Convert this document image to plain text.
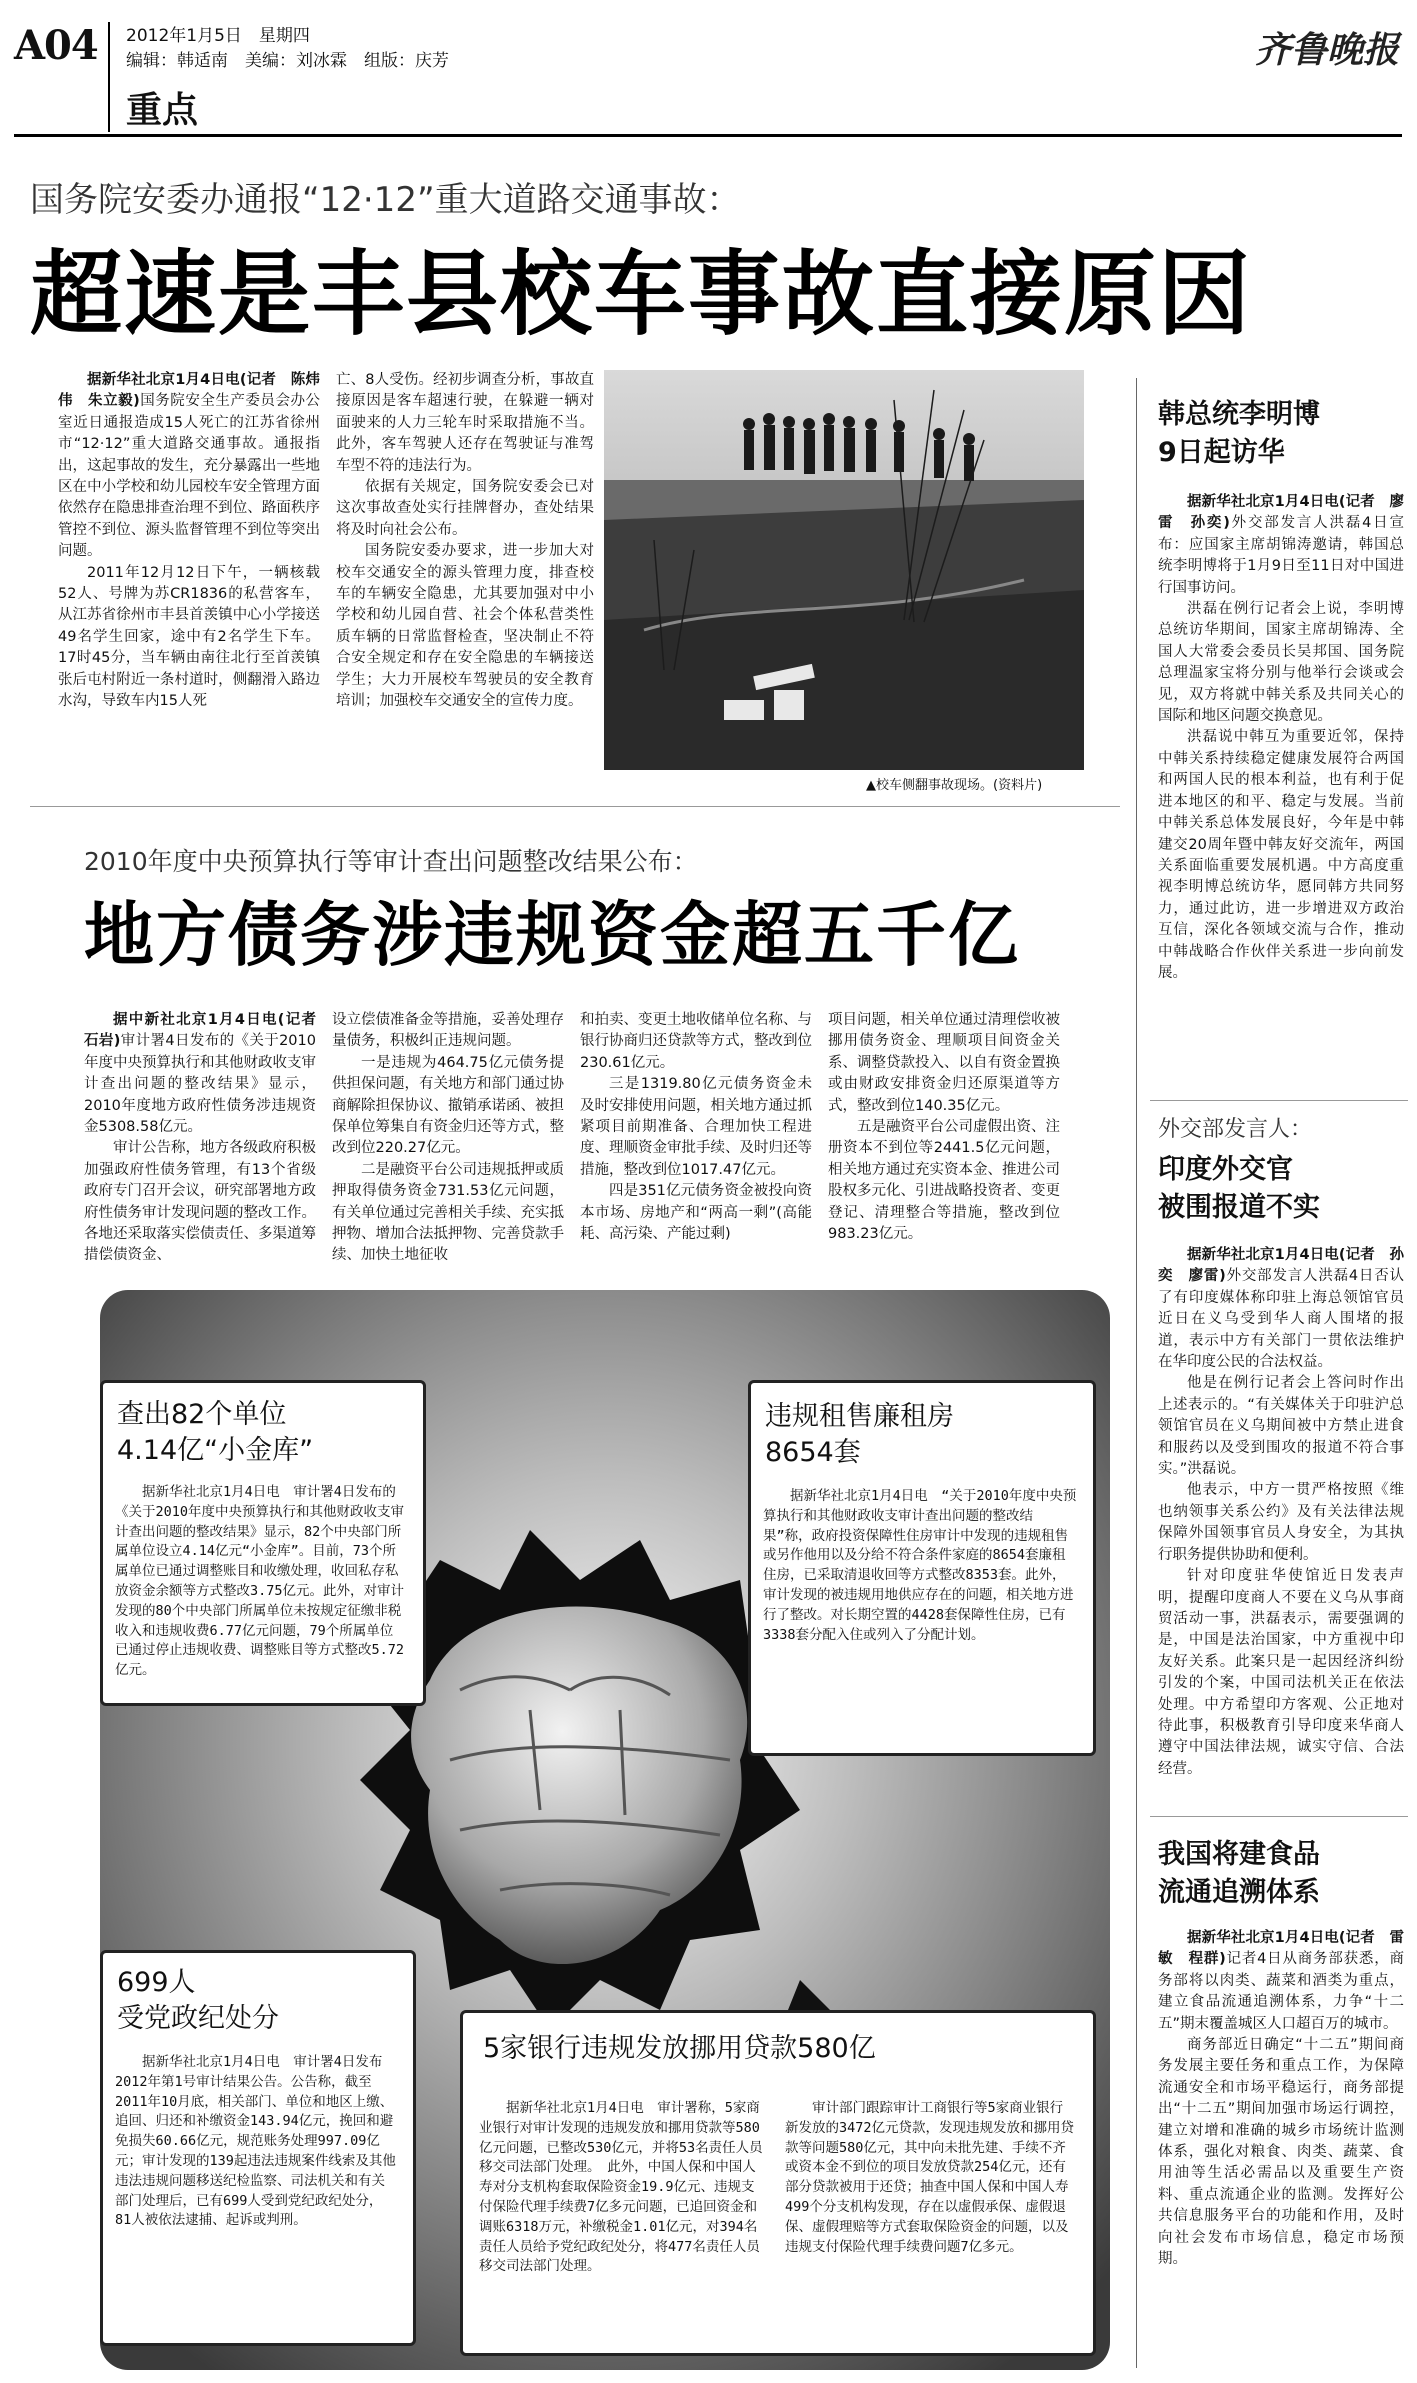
A04 2012年1月5日　星期四
编辑：韩适南　美编：刘冰霖　组版：庆芳
重点
齐鲁晚报
国务院安委办通报“12·12”重大道路交通事故：
超速是丰县校车事故直接原因

据新华社北京1月4日电(记者　陈炜伟　朱立毅)国务院安全生产委员会办公室近日通报造成15人死亡的江苏省徐州市“12·12”重大道路交通事故。通报指出，这起事故的发生，充分暴露出一些地区在中小学校和幼儿园校车安全管理方面依然存在隐患排查治理不到位、路面秩序管控不到位、源头监督管理不到位等突出问题。

2011年12月12日下午，一辆核载52人、号牌为苏CR1836的私营客车，从江苏省徐州市丰县首羡镇中心小学接送49名学生回家，途中有2名学生下车。17时45分，当车辆由南往北行至首羡镇张后屯村附近一条村道时，侧翻滑入路边水沟，导致车内15人死

亡、8人受伤。经初步调查分析，事故直接原因是客车超速行驶，在躲避一辆对面驶来的人力三轮车时采取措施不当。此外，客车驾驶人还存在驾驶证与准驾车型不符的违法行为。

依据有关规定，国务院安委会已对这次事故查处实行挂牌督办，查处结果将及时向社会公布。

国务院安委办要求，进一步加大对校车交通安全的源头管理力度，排查校车的车辆安全隐患，尤其要加强对中小学校和幼儿园自营、社会个体私营类性质车辆的日常监督检查，坚决制止不符合安全规定和存在安全隐患的车辆接送学生；大力开展校车驾驶员的安全教育培训；加强校车交通安全的宣传力度。

▲校车侧翻事故现场。(资料片)
2010年度中央预算执行等审计查出问题整改结果公布：
地方债务涉违规资金超五千亿

据中新社北京1月4日电(记者　石岩)审计署4日发布的《关于2010年度中央预算执行和其他财政收支审计查出问题的整改结果》显示，2010年度地方政府性债务涉违规资金5308.58亿元。

审计公告称，地方各级政府积极加强政府性债务管理，有13个省级政府专门召开会议，研究部署地方政府性债务审计发现问题的整改工作。各地还采取落实偿债责任、多渠道筹措偿债资金、

设立偿债准备金等措施，妥善处理存量债务，积极纠正违规问题。

一是违规为464.75亿元债务提供担保问题，有关地方和部门通过协商解除担保协议、撤销承诺函、被担保单位筹集自有资金归还等方式，整改到位220.27亿元。

二是融资平台公司违规抵押或质押取得债务资金731.53亿元问题，有关单位通过完善相关手续、充实抵押物、增加合法抵押物、完善贷款手续、加快土地征收

和拍卖、变更土地收储单位名称、与银行协商归还贷款等方式，整改到位230.61亿元。

三是1319.80亿元债务资金未及时安排使用问题，相关地方通过抓紧项目前期准备、合理加快工程进度、理顺资金审批手续、及时归还等措施，整改到位1017.47亿元。

四是351亿元债务资金被投向资本市场、房地产和“两高一剩”(高能耗、高污染、产能过剩)

项目问题，相关单位通过清理偿收被挪用债务资金、理顺项目间资金关系、调整贷款投入、以自有资金置换或由财政安排资金归还原渠道等方式，整改到位140.35亿元。

五是融资平台公司虚假出资、注册资本不到位等2441.5亿元问题，相关地方通过充实资本金、推进公司股权多元化、引进战略投资者、变更登记、清理整合等措施，整改到位983.23亿元。

查出82个单位
4.14亿“小金库”

据新华社北京1月4日电　审计署4日发布的《关于2010年度中央预算执行和其他财政收支审计查出问题的整改结果》显示，82个中央部门所属单位设立4.14亿元“小金库”。目前，73个所属单位已通过调整账目和收缴处理，收回私存私放资金余额等方式整改3.75亿元。此外，对审计发现的80个中央部门所属单位未按规定征缴非税收入和违规收费6.77亿元问题，79个所属单位已通过停止违规收费、调整账目等方式整改5.72亿元。

违规租售廉租房
8654套

据新华社北京1月4日电　“关于2010年度中央预算执行和其他财政收支审计查出问题的整改结果”称，政府投资保障性住房审计中发现的违规租售或另作他用以及分给不符合条件家庭的8654套廉租住房，已采取清退收回等方式整改8353套。此外，审计发现的被违规用地供应存在的问题，相关地方进行了整改。对长期空置的4428套保障性住房，已有3338套分配入住或列入了分配计划。

699人
受党政纪处分

据新华社北京1月4日电　审计署4日发布2012年第1号审计结果公告。公告称，截至2011年10月底，相关部门、单位和地区上缴、追回、归还和补缴资金143.94亿元，挽回和避免损失60.66亿元，规范账务处理997.09亿元；审计发现的139起违法违规案件线索及其他违法违规问题移送纪检监察、司法机关和有关部门处理后，已有699人受到党纪政纪处分，81人被依法逮捕、起诉或判刑。

5家银行违规发放挪用贷款580亿

据新华社北京1月4日电　审计署称，5家商业银行对审计发现的违规发放和挪用贷款等580亿元问题，已整改530亿元，并将53名责任人员移交司法部门处理。　此外，中国人保和中国人寿对分支机构套取保险资金19.9亿元、违规支付保险代理手续费7亿多元问题，已追回资金和调账6318万元，补缴税金1.01亿元，对394名责任人员给予党纪政纪处分，将477名责任人员移交司法部门处理。

审计部门跟踪审计工商银行等5家商业银行新发放的3472亿元贷款，发现违规发放和挪用贷款等问题580亿元，其中向未批先建、手续不齐或资本金不到位的项目发放贷款254亿元，还有部分贷款被用于还贷；抽查中国人保和中国人寿499个分支机构发现，存在以虚假承保、虚假退保、虚假理赔等方式套取保险资金的问题，以及违规支付保险代理手续费问题7亿多元。

韩总统李明博
9日起访华

据新华社北京1月4日电(记者　廖雷　孙奕)外交部发言人洪磊4日宣布：应国家主席胡锦涛邀请，韩国总统李明博将于1月9日至11日对中国进行国事访问。

洪磊在例行记者会上说，李明博总统访华期间，国家主席胡锦涛、全国人大常委会委员长吴邦国、国务院总理温家宝将分别与他举行会谈或会见，双方将就中韩关系及共同关心的国际和地区问题交换意见。

洪磊说中韩互为重要近邻，保持中韩关系持续稳定健康发展符合两国和两国人民的根本利益，也有利于促进本地区的和平、稳定与发展。当前中韩关系总体发展良好，今年是中韩建交20周年暨中韩友好交流年，两国关系面临重要发展机遇。中方高度重视李明博总统访华，愿同韩方共同努力，通过此访，进一步增进双方政治互信，深化各领域交流与合作，推动中韩战略合作伙伴关系进一步向前发展。

外交部发言人：
印度外交官
被围报道不实

据新华社北京1月4日电(记者　孙奕　廖雷)外交部发言人洪磊4日否认了有印度媒体称印驻上海总领馆官员近日在义乌受到华人商人围堵的报道，表示中方有关部门一贯依法维护在华印度公民的合法权益。

他是在例行记者会上答问时作出上述表示的。“有关媒体关于印驻沪总领馆官员在义乌期间被中方禁止进食和服药以及受到围攻的报道不符合事实。”洪磊说。

他表示，中方一贯严格按照《维也纳领事关系公约》及有关法律法规保障外国领事官员人身安全，为其执行职务提供协助和便利。

针对印度驻华使馆近日发表声明，提醒印度商人不要在义乌从事商贸活动一事，洪磊表示，需要强调的是，中国是法治国家，中方重视中印友好关系。此案只是一起因经济纠纷引发的个案，中国司法机关正在依法处理。中方希望印方客观、公正地对待此事，积极教育引导印度来华商人遵守中国法律法规，诚实守信、合法经营。

我国将建食品
流通追溯体系

据新华社北京1月4日电(记者　雷敏　程群)记者4日从商务部获悉，商务部将以肉类、蔬菜和酒类为重点，建立食品流通追溯体系，力争“十二五”期末覆盖城区人口超百万的城市。

商务部近日确定“十二五”期间商务发展主要任务和重点工作，为保障流通安全和市场平稳运行，商务部提出“十二五”期间加强市场运行调控，建立対增和准确的城乡市场统计监测体系，强化对粮食、肉类、蔬菜、食用油等生活必需品以及重要生产资料、重点流通企业的监测。发挥好公共信息服务平台的功能和作用，及时向社会发布市场信息，稳定市场预期。
